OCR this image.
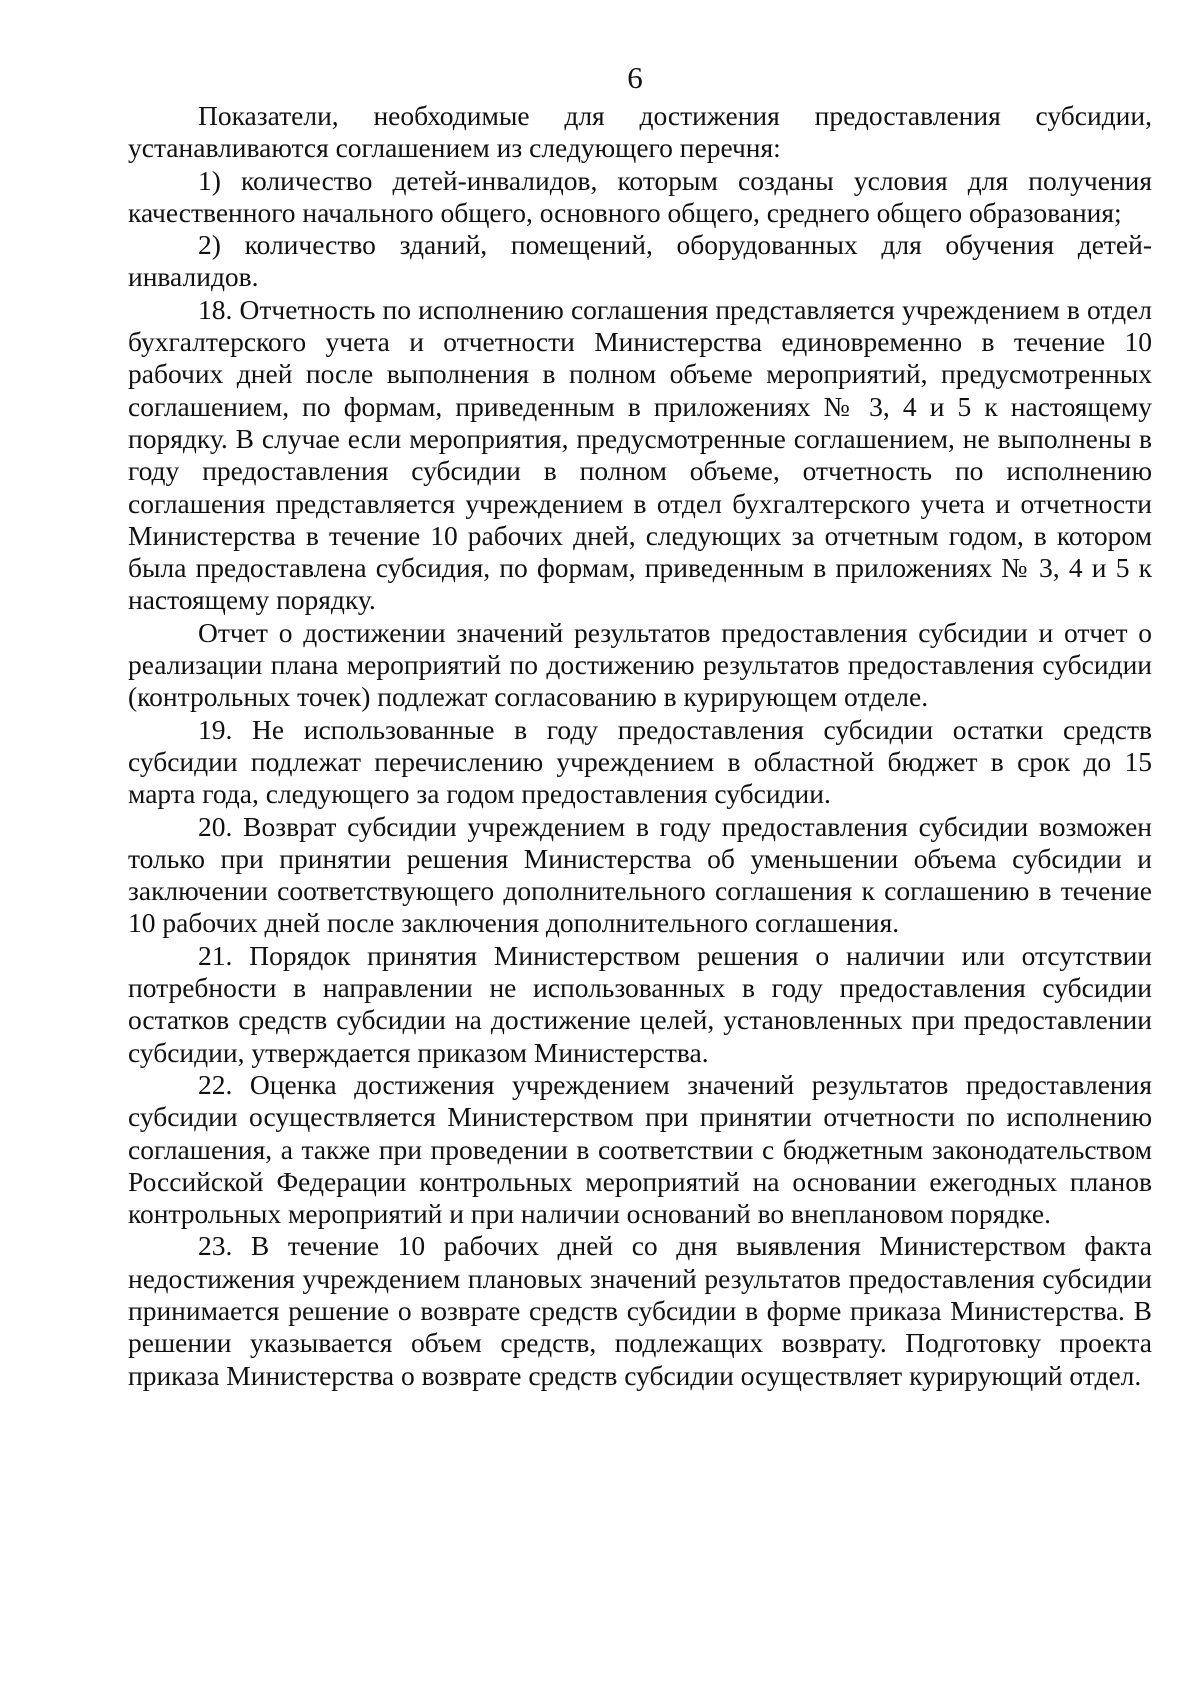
6

Показатели, необходимые для достижения предоставления субсидии, устанавливаются соглашением из следующего перечня:

1) количество детей-инвалидов, которым созданы условия для получения качественного начального общего, основного общего, среднего общего образования;

2) количество зданий, помещений, оборудованных для обучения детей-инвалидов.

18. Отчетность по исполнению соглашения представляется учреждением в отдел бухгалтерского учета и отчетности Министерства единовременно в течение 10 рабочих дней после выполнения в полном объеме мероприятий, предусмотренных соглашением, по формам, приведенным в приложениях № 3, 4 и 5 к настоящему порядку. В случае если мероприятия, предусмотренные соглашением, не выполнены в году предоставления субсидии в полном объеме, отчетность по исполнению соглашения представляется учреждением в отдел бухгалтерского учета и отчетности Министерства в течение 10 рабочих дней, следующих за отчетным годом, в котором была предоставлена субсидия, по формам, приведенным в приложениях № 3, 4 и 5 к настоящему порядку.

Отчет о достижении значений результатов предоставления субсидии и отчет о реализации плана мероприятий по достижению результатов предоставления субсидии (контрольных точек) подлежат согласованию в курирующем отделе.

19. Не использованные в году предоставления субсидии остатки средств субсидии подлежат перечислению учреждением в областной бюджет в срок до 15 марта года, следующего за годом предоставления субсидии.

20. Возврат субсидии учреждением в году предоставления субсидии возможен только при принятии решения Министерства об уменьшении объема субсидии и заключении соответствующего дополнительного соглашения к соглашению в течение 10 рабочих дней после заключения дополнительного соглашения.

21. Порядок принятия Министерством решения о наличии или отсутствии потребности в направлении не использованных в году предоставления субсидии остатков средств субсидии на достижение целей, установленных при предоставлении субсидии, утверждается приказом Министерства.

22. Оценка достижения учреждением значений результатов предоставления субсидии осуществляется Министерством при принятии отчетности по исполнению соглашения, а также при проведении в соответствии с бюджетным законодательством Российской Федерации контрольных мероприятий на основании ежегодных планов контрольных мероприятий и при наличии оснований во внеплановом порядке.

23. В течение 10 рабочих дней со дня выявления Министерством факта недостижения учреждением плановых значений результатов предоставления субсидии принимается решение о возврате средств субсидии в форме приказа Министерства. В решении указывается объем средств, подлежащих возврату. Подготовку проекта приказа Министерства о возврате средств субсидии осуществляет курирующий отдел.
